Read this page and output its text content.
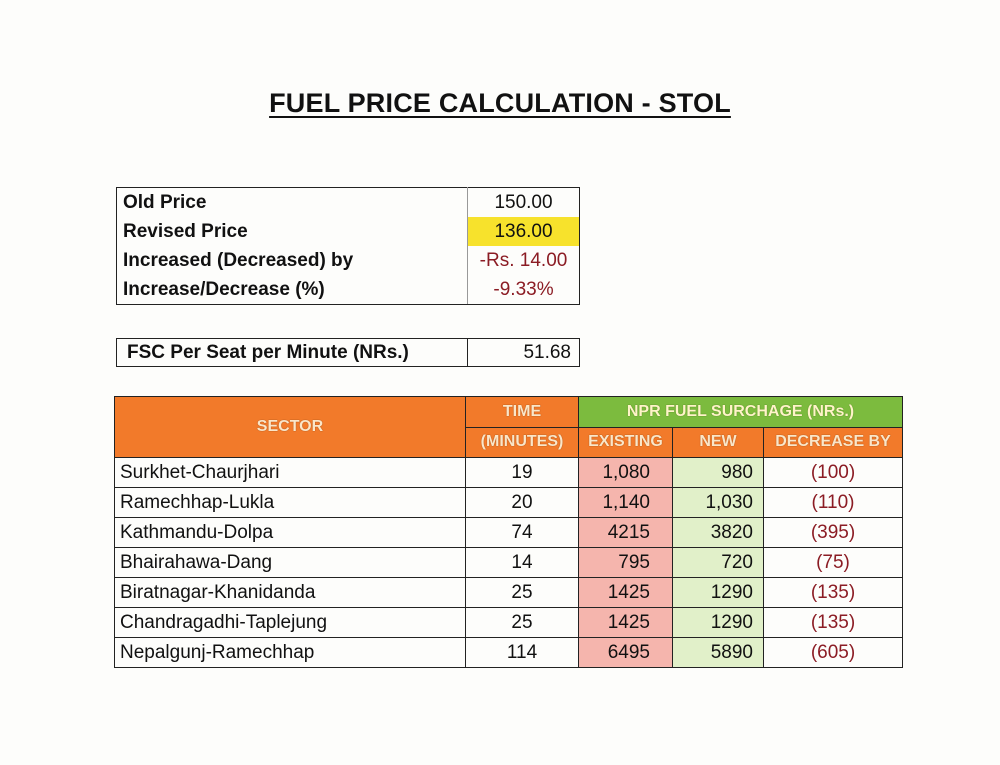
FUEL PRICE CALCULATION - STOL
Old Price	150.00
Revised Price	136.00
Increased (Decreased) by	-Rs. 14.00
Increase/Decrease (%)	-9.33%
FSC Per Seat per Minute (NRs.)	51.68
SECTOR	TIME	NPR FUEL SURCHAGE (NRs.)		
	(MINUTES)	EXISTING	NEW	DECREASE BY
Surkhet-Chaurjhari	19	1,080	980	(100)
Ramechhap-Lukla	20	1,140	1,030	(110)
Kathmandu-Dolpa	74	4215	3820	(395)
Bhairahawa-Dang	14	795	720	(75)
Biratnagar-Khanidanda	25	1425	1290	(135)
Chandragadhi-Taplejung	25	1425	1290	(135)
Nepalgunj-Ramechhap	114	6495	5890	(605)
